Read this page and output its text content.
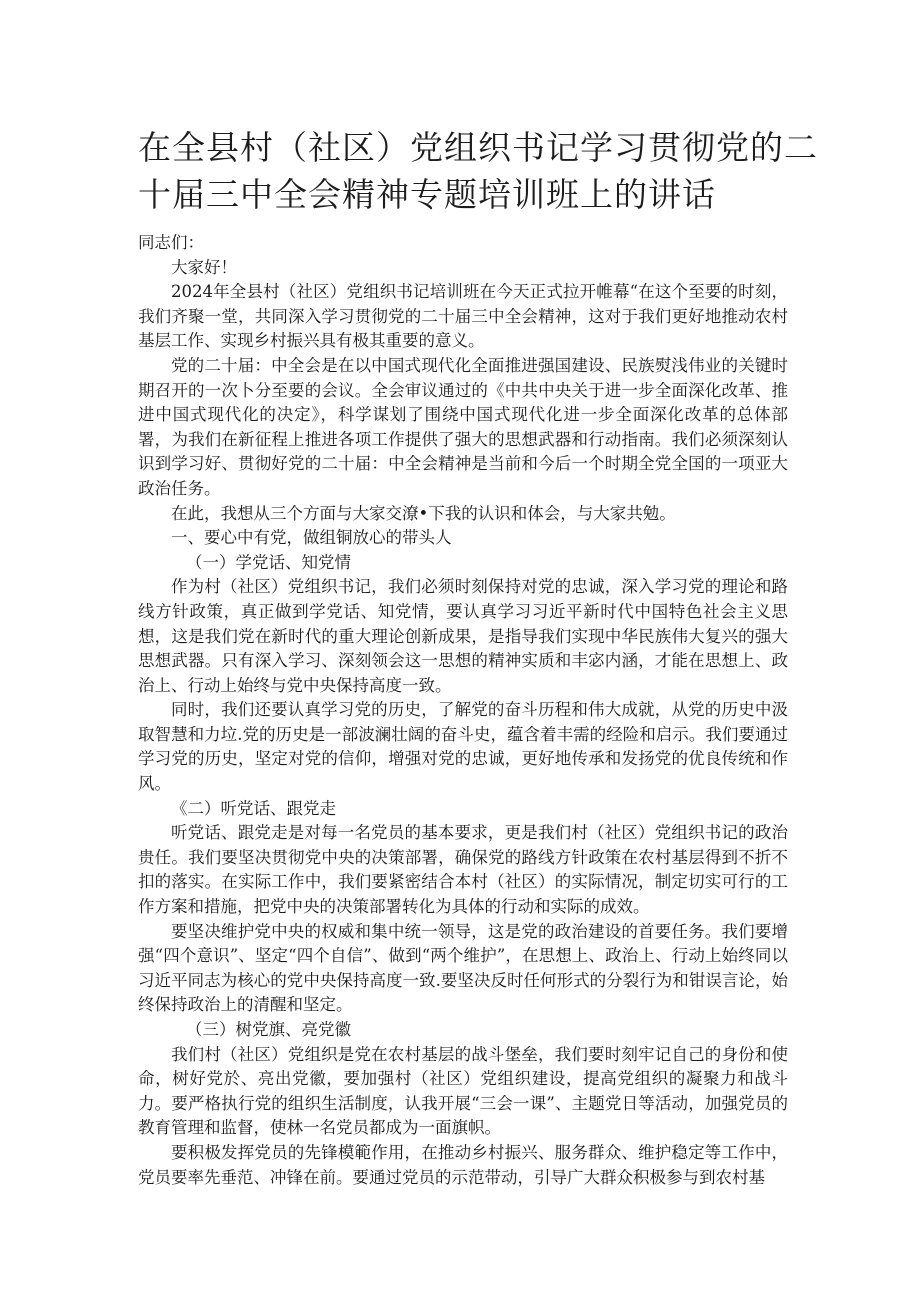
在全县村（社区）党组织书记学习贯彻党的二十届三中全会精神专题培训班上的讲话

同志们：

大家好！

2024年全县村（社区）党组织书记培训班在今天正式拉开帷幕“在这个至要的时刻，我们齐聚一堂，共同深入学习贯彻党的二十届三中全会精神，这对于我们更好地推动农村基层工作、实现乡村振兴具有极其重要的意义。

党的二十届：中全会是在以中国式现代化全面推进强国建设、民族熨浅伟业的关键时期召开的一次卜分至要的会议。全会审议通过的《中共中央关于进一步全面深化改革、推进中国式现代化的决定》，科学谋划了围绕中国式现代化进一步全面深化改革的总体部署，为我们在新征程上推进各项工作提供了强大的思想武器和行动指南。我们必须深刻认识到学习好、贯彻好党的二十届：中全会精神是当前和今后一个时期全党全国的一项亚大政治任务。

在此，我想从三个方面与大家交潦•下我的认识和体会，与大家共勉。

一、要心中有党，做组铜放心的带头人

（一）学党话、知党情

作为村（社区）党组织书记，我们必须时刻保持对党的忠诚，深入学习党的理论和路线方针政策，真正做到学党话、知党情，要认真学习习近平新时代中国特色社会主义思想，这是我们党在新时代的重大理论创新成果，是指导我们实现中华民族伟大复兴的强大思想武器。只有深入学习、深刻领会这一思想的精神实质和丰宓内涵，才能在思想上、政治上、行动上始终与党中央保持高度一致。

同时，我们还要认真学习党的历史，了解党的奋斗历程和伟大成就，从党的历史中汲取智慧和力垃.党的历史是一部波澜壮阔的奋斗史，蕴含着丰需的经险和启示。我们要通过学习党的历史，坚定对党的信仰，增强对党的忠诚，更好地传承和发扬党的优良传统和作风。

《二）听党话、跟党走

听党话、跟党走是对每一名党员的基本要求，更是我们村（社区）党组织书记的政治贵任。我们要坚决贯彻党中央的决策部署，确保党的路线方针政策在农村基层得到不折不扣的落实。在实际工作中，我们要紧密结合本村（社区）的实际情况，制定切实可行的工作方案和措施，把党中央的决策部署转化为具体的行动和实际的成效。

要坚决维护党中央的权威和集中统一领导，这是党的政治建设的首要任务。我们要增强“四个意识”、坚定“四个自信”、做到“两个维护”，在思想上、政治上、行动上始终同以习近平同志为核心的党中央保持高度一致.要坚决反时任何形式的分裂行为和钳误言论，始终保持政治上的清醒和坚定。

（三）树党旗、亮党徽

我们村（社区）党组织是党在农村基层的战斗堡垒，我们要时刻牢记自己的身份和使命，树好党於、亮出党徽，要加强村（社区）党组织建设，提高党组织的凝聚力和战斗力。要严格执行党的组织生活制度，认我开展“三会一课”、主题党日等活动，加强党员的教育管理和监督，使林一名党员都成为一面旗帜。

要积极发挥党员的先锋模範作用，在推动乡村振兴、服务群众、维护稳定等工作中，党员要率先垂范、冲锋在前。要通过党员的示范带动，引导广大群众积极参与到农村基
